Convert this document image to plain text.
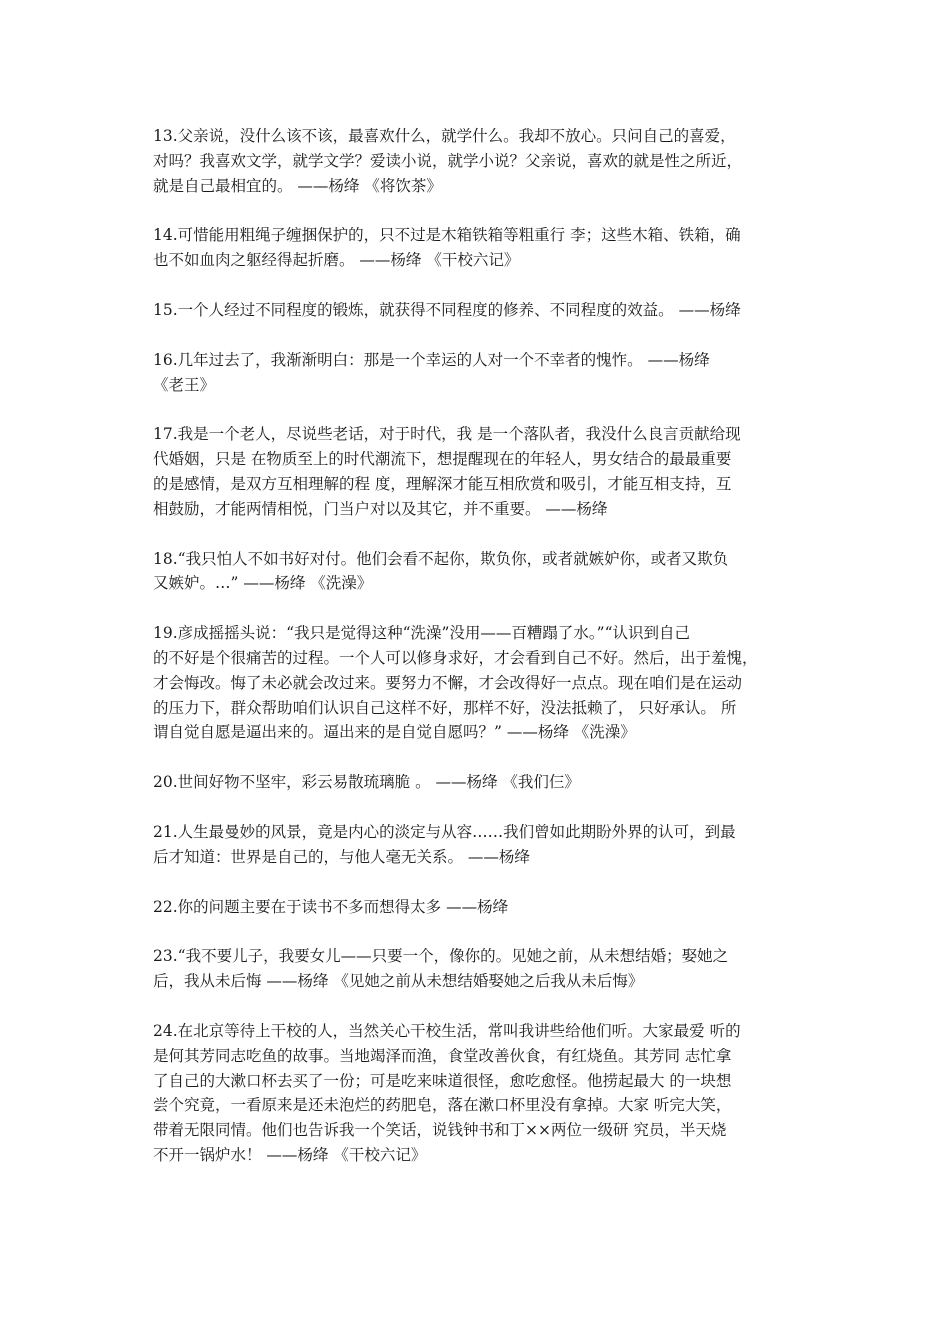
13.父亲说，没什么该不该，最喜欢什么，就学什么。我却不放心。只问自己的喜爱，
对吗？我喜欢文学，就学文学？爱读小说，就学小说？父亲说，喜欢的就是性之所近，
就是自己最相宜的。 ——杨绛 《将饮茶》

14.可惜能用粗绳子缠捆保护的，只不过是木箱铁箱等粗重行 李；这些木箱、铁箱，确
也不如血肉之躯经得起折磨。 ——杨绛 《干校六记》

15.一个人经过不同程度的锻炼，就获得不同程度的修养、不同程度的效益。 ——杨绛

16.几年过去了，我渐渐明白：那是一个幸运的人对一个不幸者的愧怍。 ——杨绛
《老王》

17.我是一个老人，尽说些老话，对于时代，我 是一个落队者，我没什么良言贡献给现
代婚姻，只是 在物质至上的时代潮流下，想提醒现在的年轻人，男女结合的最最重要
的是感情，是双方互相理解的程 度，理解深才能互相欣赏和吸引，才能互相支持，互
相鼓励，才能两情相悦，门当户对以及其它，并不重要。 ——杨绛

18.“我只怕人不如书好对付。他们会看不起你，欺负你，或者就嫉妒你，或者又欺负
又嫉妒。…” ——杨绛 《洗澡》

19.彦成摇摇头说：“我只是觉得这种“洗澡”没用——百糟蹋了水。”“认识到自己
的不好是个很痛苦的过程。一个人可以修身求好，才会看到自己不好。然后，出于羞愧，
才会悔改。悔了未必就会改过来。要努力不懈，才会改得好一点点。现在咱们是在运动
的压力下，群众帮助咱们认识自己这样不好，那样不好，没法抵赖了， 只好承认。 所
谓自觉自愿是逼出来的。逼出来的是自觉自愿吗？” ——杨绛 《洗澡》

20.世间好物不坚牢，彩云易散琉璃脆 。 ——杨绛 《我们仨》

21.人生最曼妙的风景，竟是内心的淡定与从容……我们曾如此期盼外界的认可，到最
后才知道：世界是自己的，与他人毫无关系。 ——杨绛

22.你的问题主要在于读书不多而想得太多 ——杨绛

23.“我不要儿子，我要女儿——只要一个，像你的。见她之前，从未想结婚；娶她之
后，我从未后悔 ——杨绛 《见她之前从未想结婚娶她之后我从未后悔》

24.在北京等待上干校的人，当然关心干校生活，常叫我讲些给他们听。大家最爱 听的
是何其芳同志吃鱼的故事。当地竭泽而渔，食堂改善伙食，有红烧鱼。其芳同 志忙拿
了自己的大漱口杯去买了一份；可是吃来味道很怪，愈吃愈怪。他捞起最大 的一块想
尝个究竟，一看原来是还未泡烂的药肥皂，落在漱口杯里没有拿掉。大家 听完大笑，
带着无限同情。他们也告诉我一个笑话，说钱钟书和丁××两位一级研 究员，半天烧
不开一锅炉水！ ——杨绛 《干校六记》
